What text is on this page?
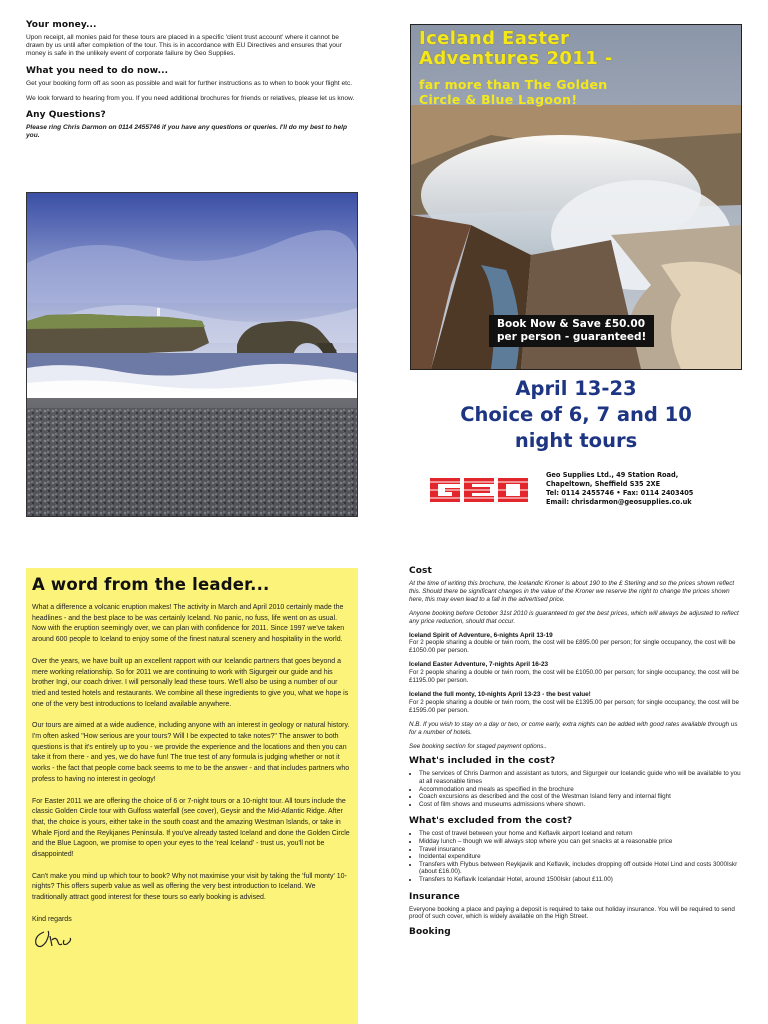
Your money...
Upon receipt, all monies paid for these tours are placed in a specific 'client trust account' where it cannot be drawn by us until after completion of the tour. This is in accordance with EU Directives and ensures that your money is safe in the unlikely event of corporate failure by Geo Supplies.
What you need to do now...
Get your booking form off as soon as possible and wait for further instructions as to when to book your flight etc.
We look forward to hearing from you. If you need additional brochures for friends or relatives, please let us know.
Any Questions?
Please ring Chris Darmon on 0114 2455746 if you have any questions or queries. I'll do my best to help you.
Iceland Easter
Adventures 2011 -
far more than The Golden
Circle & Blue Lagoon!
Book Now & Save £50.00
per person - guaranteed!
April 13-23
Choice of 6, 7 and 10
night tours
Geo Supplies Ltd., 49 Station Road,
Chapeltown, Sheffield S35 2XE
Tel: 0114 2455746 • Fax: 0114 2403405
Email: chrisdarmon@geosupplies.co.uk
A word from the leader...
What a difference a volcanic eruption makes! The activity in March and April 2010 certainly made the headlines - and the best place to be was certainly Iceland. No panic, no fuss, life went on as usual. Now with the eruption seemingly over, we can plan with confidence for 2011. Since 1997 we've taken around 600 people to Iceland to enjoy some of the finest natural scenery and hospitality in the world.
Over the years, we have built up an excellent rapport with our Icelandic partners that goes beyond a mere working relationship. So for 2011 we are continuing to work with Sigurgeir our guide and his brother Ingi, our coach driver. I will personally lead these tours. We'll also be using a number of our tried and tested hotels and restaurants. We combine all these ingredients to give you, what we hope is one of the very best introductions to Iceland available anywhere.
Our tours are aimed at a wide audience, including anyone with an interest in geology or natural history. I'm often asked "How serious are your tours? Will I be expected to take notes?" The answer to both questions is that it's entirely up to you - we provide the experience and the locations and then you can take it from there - and yes, we do have fun! The true test of any formula is judging whether or not it works - the fact that people come back seems to me to be the answer - and that includes partners who profess to having no interest in geology!
For Easter 2011 we are offering the choice of 6 or 7-night tours or a 10-night tour. All tours include the classic Golden Circle tour with Gulfoss waterfall (see cover), Geysir and the Mid-Atlantic Ridge. After that, the choice is yours, either take in the south coast and the amazing Westman Islands, or take in Whale Fjord and the Reykjanes Peninsula. If you've already tasted Iceland and done the Golden Circle and the Blue Lagoon, we promise to open your eyes to the 'real Iceland' - trust us, you'll not be disappointed!
Can't make you mind up which tour to book? Why not maximise your visit by taking the 'full monty' 10-nights? This offers superb value as well as offering the very best introduction to Iceland. We traditionally attract good interest for these tours so early booking is advised.
Kind regards
Cost
At the time of writing this brochure, the Icelandic Kroner is about 190 to the £ Sterling and so the prices shown reflect this. Should there be significant changes in the value of the Kroner we reserve the right to change the prices shown here, this may even lead to a fall in the advertised price.
Anyone booking before October 31st 2010 is guaranteed to get the best prices, which will always be adjusted to reflect any price reduction, should that occur.
Iceland Spirit of Adventure, 6-nights April 13-19
For 2 people sharing a double or twin room, the cost will be £895.00 per person; for single occupancy, the cost will be £1050.00 per person.
Iceland Easter Adventure, 7-nights April 16-23
For 2 people sharing a double or twin room, the cost will be £1050.00 per person; for single occupancy, the cost will be £1195.00 per person.
Iceland the full monty, 10-nights April 13-23 - the best value!
For 2 people sharing a double or twin room, the cost will be £1395.00 per person; for single occupancy, the cost will be £1595.00 per person.
N.B. If you wish to stay on a day or two, or come early, extra nights can be added with good rates available through us for a number of hotels.
See booking section for staged payment options..
What's included in the cost?
• The services of Chris Darmon and assistant as tutors, and Sigurgeir our Icelandic guide who will be available to you at all reasonable times
• Accommodation and meals as specified in the brochure
• Coach excursions as described and the cost of the Westman Island ferry and internal flight
• Cost of film shows and museums admissions where shown.
What's excluded from the cost?
• The cost of travel between your home and Keflavik airport Iceland and return
• Midday lunch – though we will always stop where you can get snacks at a reasonable price
• Travel insurance
• Incidental expenditure
• Transfers with Flybus between Reykjavik and Keflavik, includes dropping off outside Hotel Lind and costs 3000Iskr (about £16.00).
• Transfers to Keflavik Icelandair Hotel, around 1500Iskr (about £11.00)
Insurance
Everyone booking a place and paying a deposit is required to take out holiday insurance. You will be required to send proof of such cover, which is widely available on the High Street.
Booking
